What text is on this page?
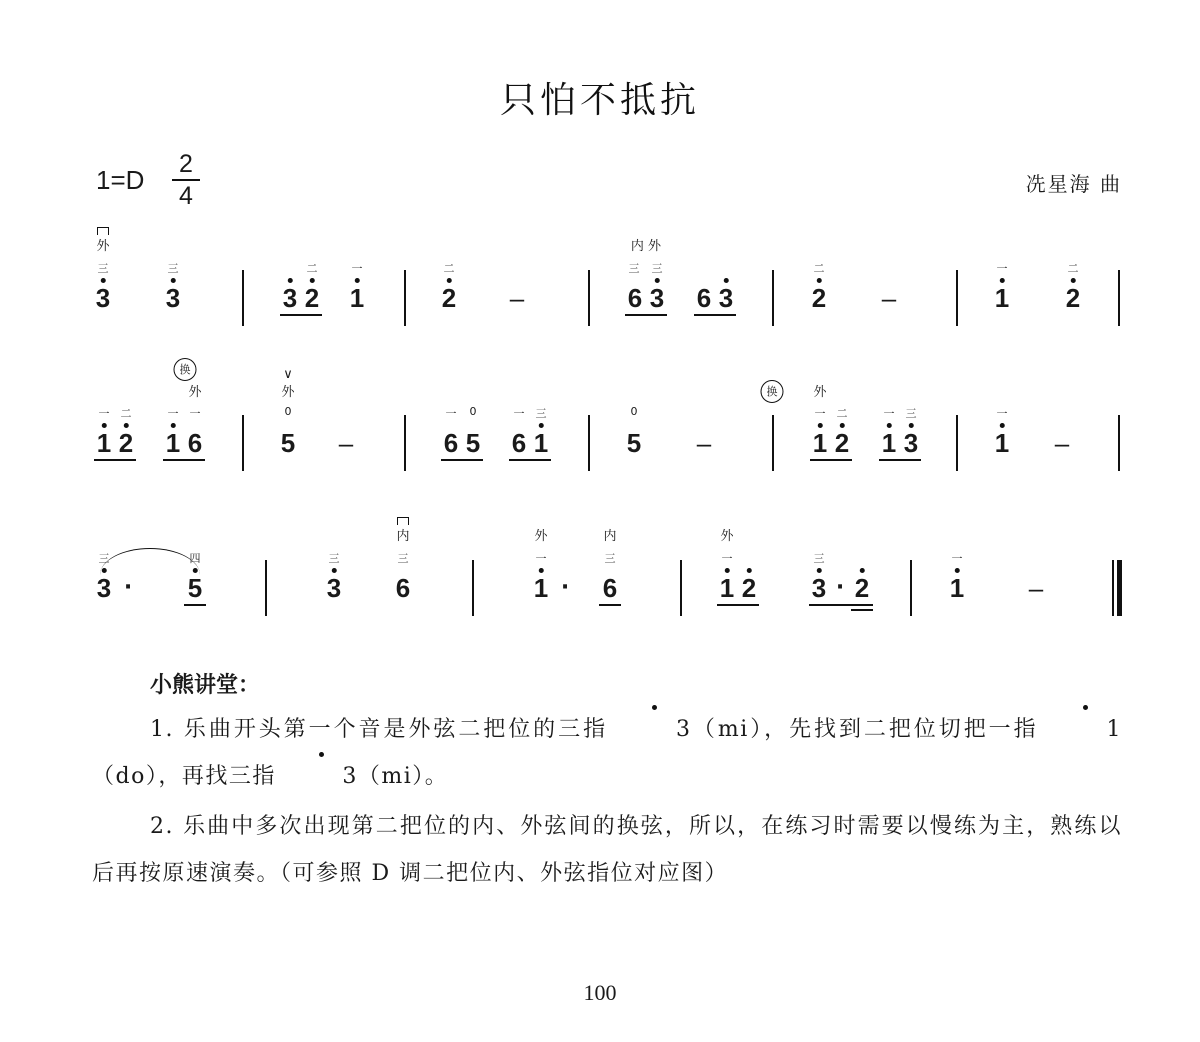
只怕不抵抗
1=D
2
4	冼星海 曲
外
三	三	二	一	二
内 外
三 三	二	一	二
3 3	3 2 1	2 –	6 3 6 3	2 –	1 2
换
外
∨
外
0
一 二	一 一	一 0	一 三	0
换	外
一 二	一 三	一
1 2 1 6	5 –	6 5 6 1	5 –	1 2 1 3	1 –
内	外	内	外
三	四	三	三	一	三	一	三	一
3 · 5	3 6	1 · 6	1 2 3 · 2	1 –
小熊讲堂：
1. 乐曲开头第一个音是外弦二把位的三指	3（mi），先找到二把位切把一指	1（do），再找三指	3（mi）。
2. 乐曲中多次出现第二把位的内、外弦间的换弦，所以，在练习时需要以慢练为主，熟练以后再按原速演奏。（可参照 D 调二把位内、外弦指位对应图）
100
